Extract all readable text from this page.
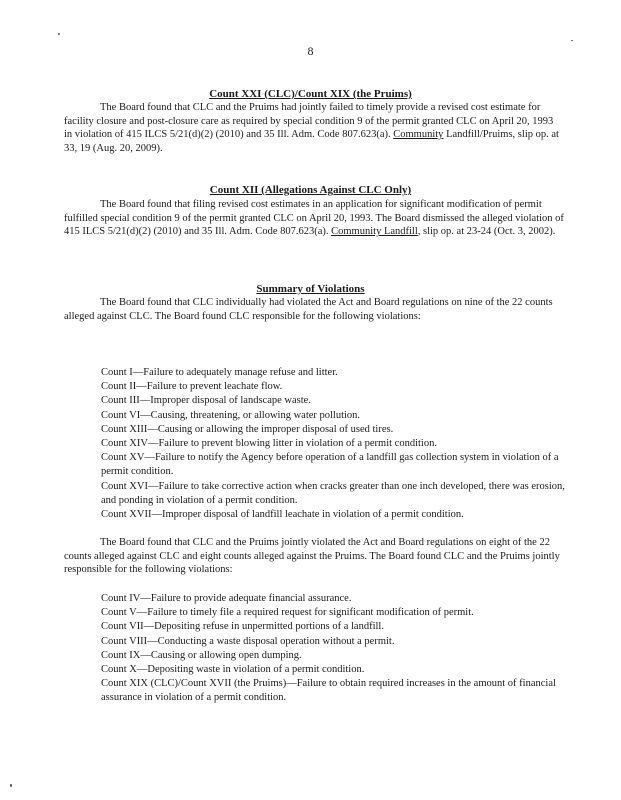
8
Count XXI (CLC)/Count XIX (the Pruims)

The Board found that CLC and the Pruims had jointly failed to timely provide a revised cost estimate for facility closure and post-closure care as required by special condition 9 of the permit granted CLC on April 20, 1993 in violation of 415 ILCS 5/21(d)(2) (2010) and 35 Ill. Adm. Code 807.623(a). Community Landfill/Pruims, slip op. at 33, 19 (Aug. 20, 2009).

Count XII (Allegations Against CLC Only)

The Board found that filing revised cost estimates in an application for significant modification of permit fulfilled special condition 9 of the permit granted CLC on April 20, 1993. The Board dismissed the alleged violation of 415 ILCS 5/21(d)(2) (2010) and 35 Ill. Adm. Code 807.623(a). Community Landfill, slip op. at 23-24 (Oct. 3, 2002).

Summary of Violations

The Board found that CLC individually had violated the Act and Board regulations on nine of the 22 counts alleged against CLC. The Board found CLC responsible for the following violations:

Count I—Failure to adequately manage refuse and litter.
Count II—Failure to prevent leachate flow.
Count III—Improper disposal of landscape waste.
Count VI—Causing, threatening, or allowing water pollution.
Count XIII—Causing or allowing the improper disposal of used tires.
Count XIV—Failure to prevent blowing litter in violation of a permit condition.
Count XV—Failure to notify the Agency before operation of a landfill gas collection system in violation of a permit condition.
Count XVI—Failure to take corrective action when cracks greater than one inch developed, there was erosion, and ponding in violation of a permit condition.
Count XVII—Improper disposal of landfill leachate in violation of a permit condition.

The Board found that CLC and the Pruims jointly violated the Act and Board regulations on eight of the 22 counts alleged against CLC and eight counts alleged against the Pruims. The Board found CLC and the Pruims jointly responsible for the following violations:

Count IV—Failure to provide adequate financial assurance.
Count V—Failure to timely file a required request for significant modification of permit.
Count VII—Depositing refuse in unpermitted portions of a landfill.
Count VIII—Conducting a waste disposal operation without a permit.
Count IX—Causing or allowing open dumping.
Count X—Depositing waste in violation of a permit condition.
Count XIX (CLC)/Count XVII (the Pruims)—Failure to obtain required increases in the amount of financial assurance in violation of a permit condition.
